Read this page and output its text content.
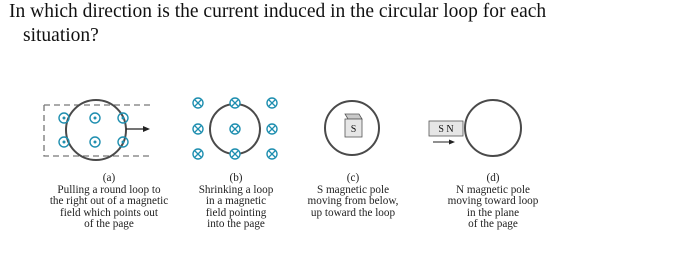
In which direction is the current induced in the circular loop for each
situation?
S	S N
(a)
Pulling a round loop to
the right out of a magnetic
field which points out
of the page
(b)
Shrinking a loop
in a magnetic
field pointing
into the page
(c)
S magnetic pole
moving from below,
up toward the loop
(d)
N magnetic pole
moving toward loop
in the plane
of the page
